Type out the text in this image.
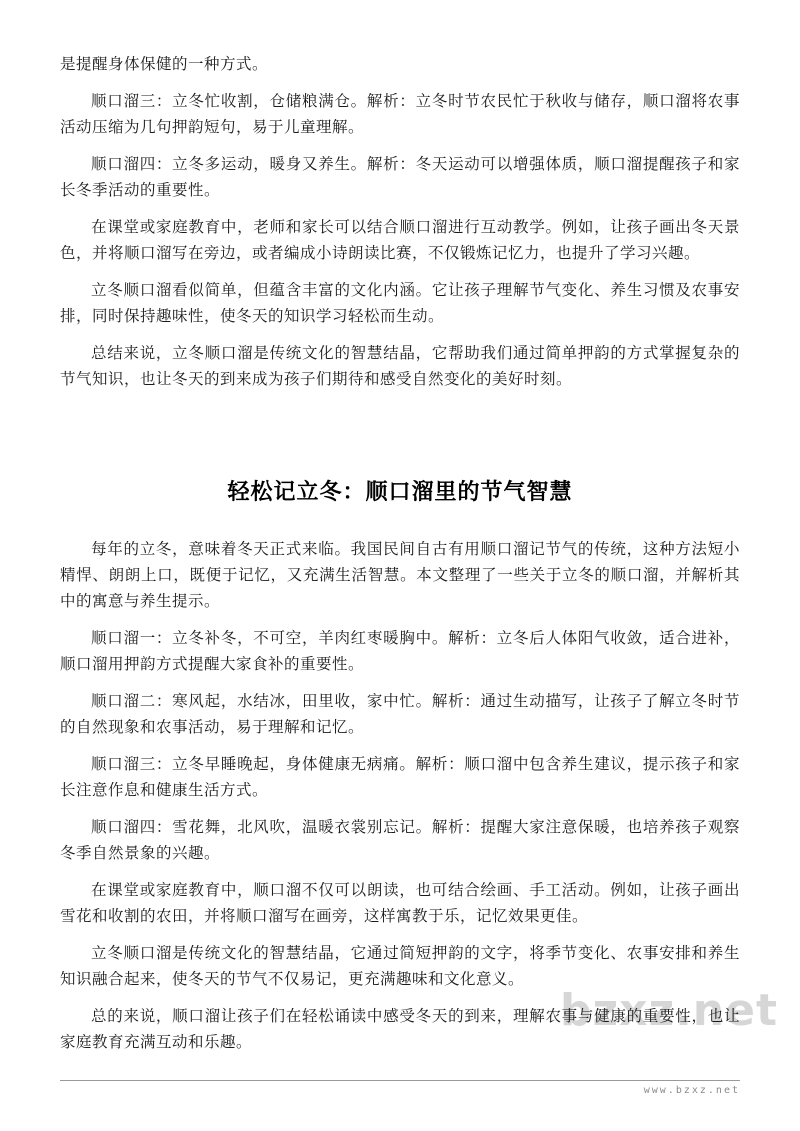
是提醒身体保健的一种方式。

顺口溜三：立冬忙收割，仓储粮满仓。解析：立冬时节农民忙于秋收与储存，顺口溜将农事活动压缩为几句押韵短句，易于儿童理解。

顺口溜四：立冬多运动，暖身又养生。解析：冬天运动可以增强体质，顺口溜提醒孩子和家长冬季活动的重要性。

在课堂或家庭教育中，老师和家长可以结合顺口溜进行互动教学。例如，让孩子画出冬天景色，并将顺口溜写在旁边，或者编成小诗朗读比赛，不仅锻炼记忆力，也提升了学习兴趣。

立冬顺口溜看似简单，但蕴含丰富的文化内涵。它让孩子理解节气变化、养生习惯及农事安排，同时保持趣味性，使冬天的知识学习轻松而生动。

总结来说，立冬顺口溜是传统文化的智慧结晶，它帮助我们通过简单押韵的方式掌握复杂的节气知识，也让冬天的到来成为孩子们期待和感受自然变化的美好时刻。

轻松记立冬：顺口溜里的节气智慧

每年的立冬，意味着冬天正式来临。我国民间自古有用顺口溜记节气的传统，这种方法短小精悍、朗朗上口，既便于记忆，又充满生活智慧。本文整理了一些关于立冬的顺口溜，并解析其中的寓意与养生提示。

顺口溜一：立冬补冬，不可空，羊肉红枣暖胸中。解析：立冬后人体阳气收敛，适合进补，顺口溜用押韵方式提醒大家食补的重要性。

顺口溜二：寒风起，水结冰，田里收，家中忙。解析：通过生动描写，让孩子了解立冬时节的自然现象和农事活动，易于理解和记忆。

顺口溜三：立冬早睡晚起，身体健康无病痛。解析：顺口溜中包含养生建议，提示孩子和家长注意作息和健康生活方式。

顺口溜四：雪花舞，北风吹，温暖衣裳别忘记。解析：提醒大家注意保暖，也培养孩子观察冬季自然景象的兴趣。

在课堂或家庭教育中，顺口溜不仅可以朗读，也可结合绘画、手工活动。例如，让孩子画出雪花和收割的农田，并将顺口溜写在画旁，这样寓教于乐，记忆效果更佳。

立冬顺口溜是传统文化的智慧结晶，它通过简短押韵的文字，将季节变化、农事安排和养生知识融合起来，使冬天的节气不仅易记，更充满趣味和文化意义。

总的来说，顺口溜让孩子们在轻松诵读中感受冬天的到来，理解农事与健康的重要性，也让家庭教育充满互动和乐趣。

bzxz.net
www.bzxz.net
